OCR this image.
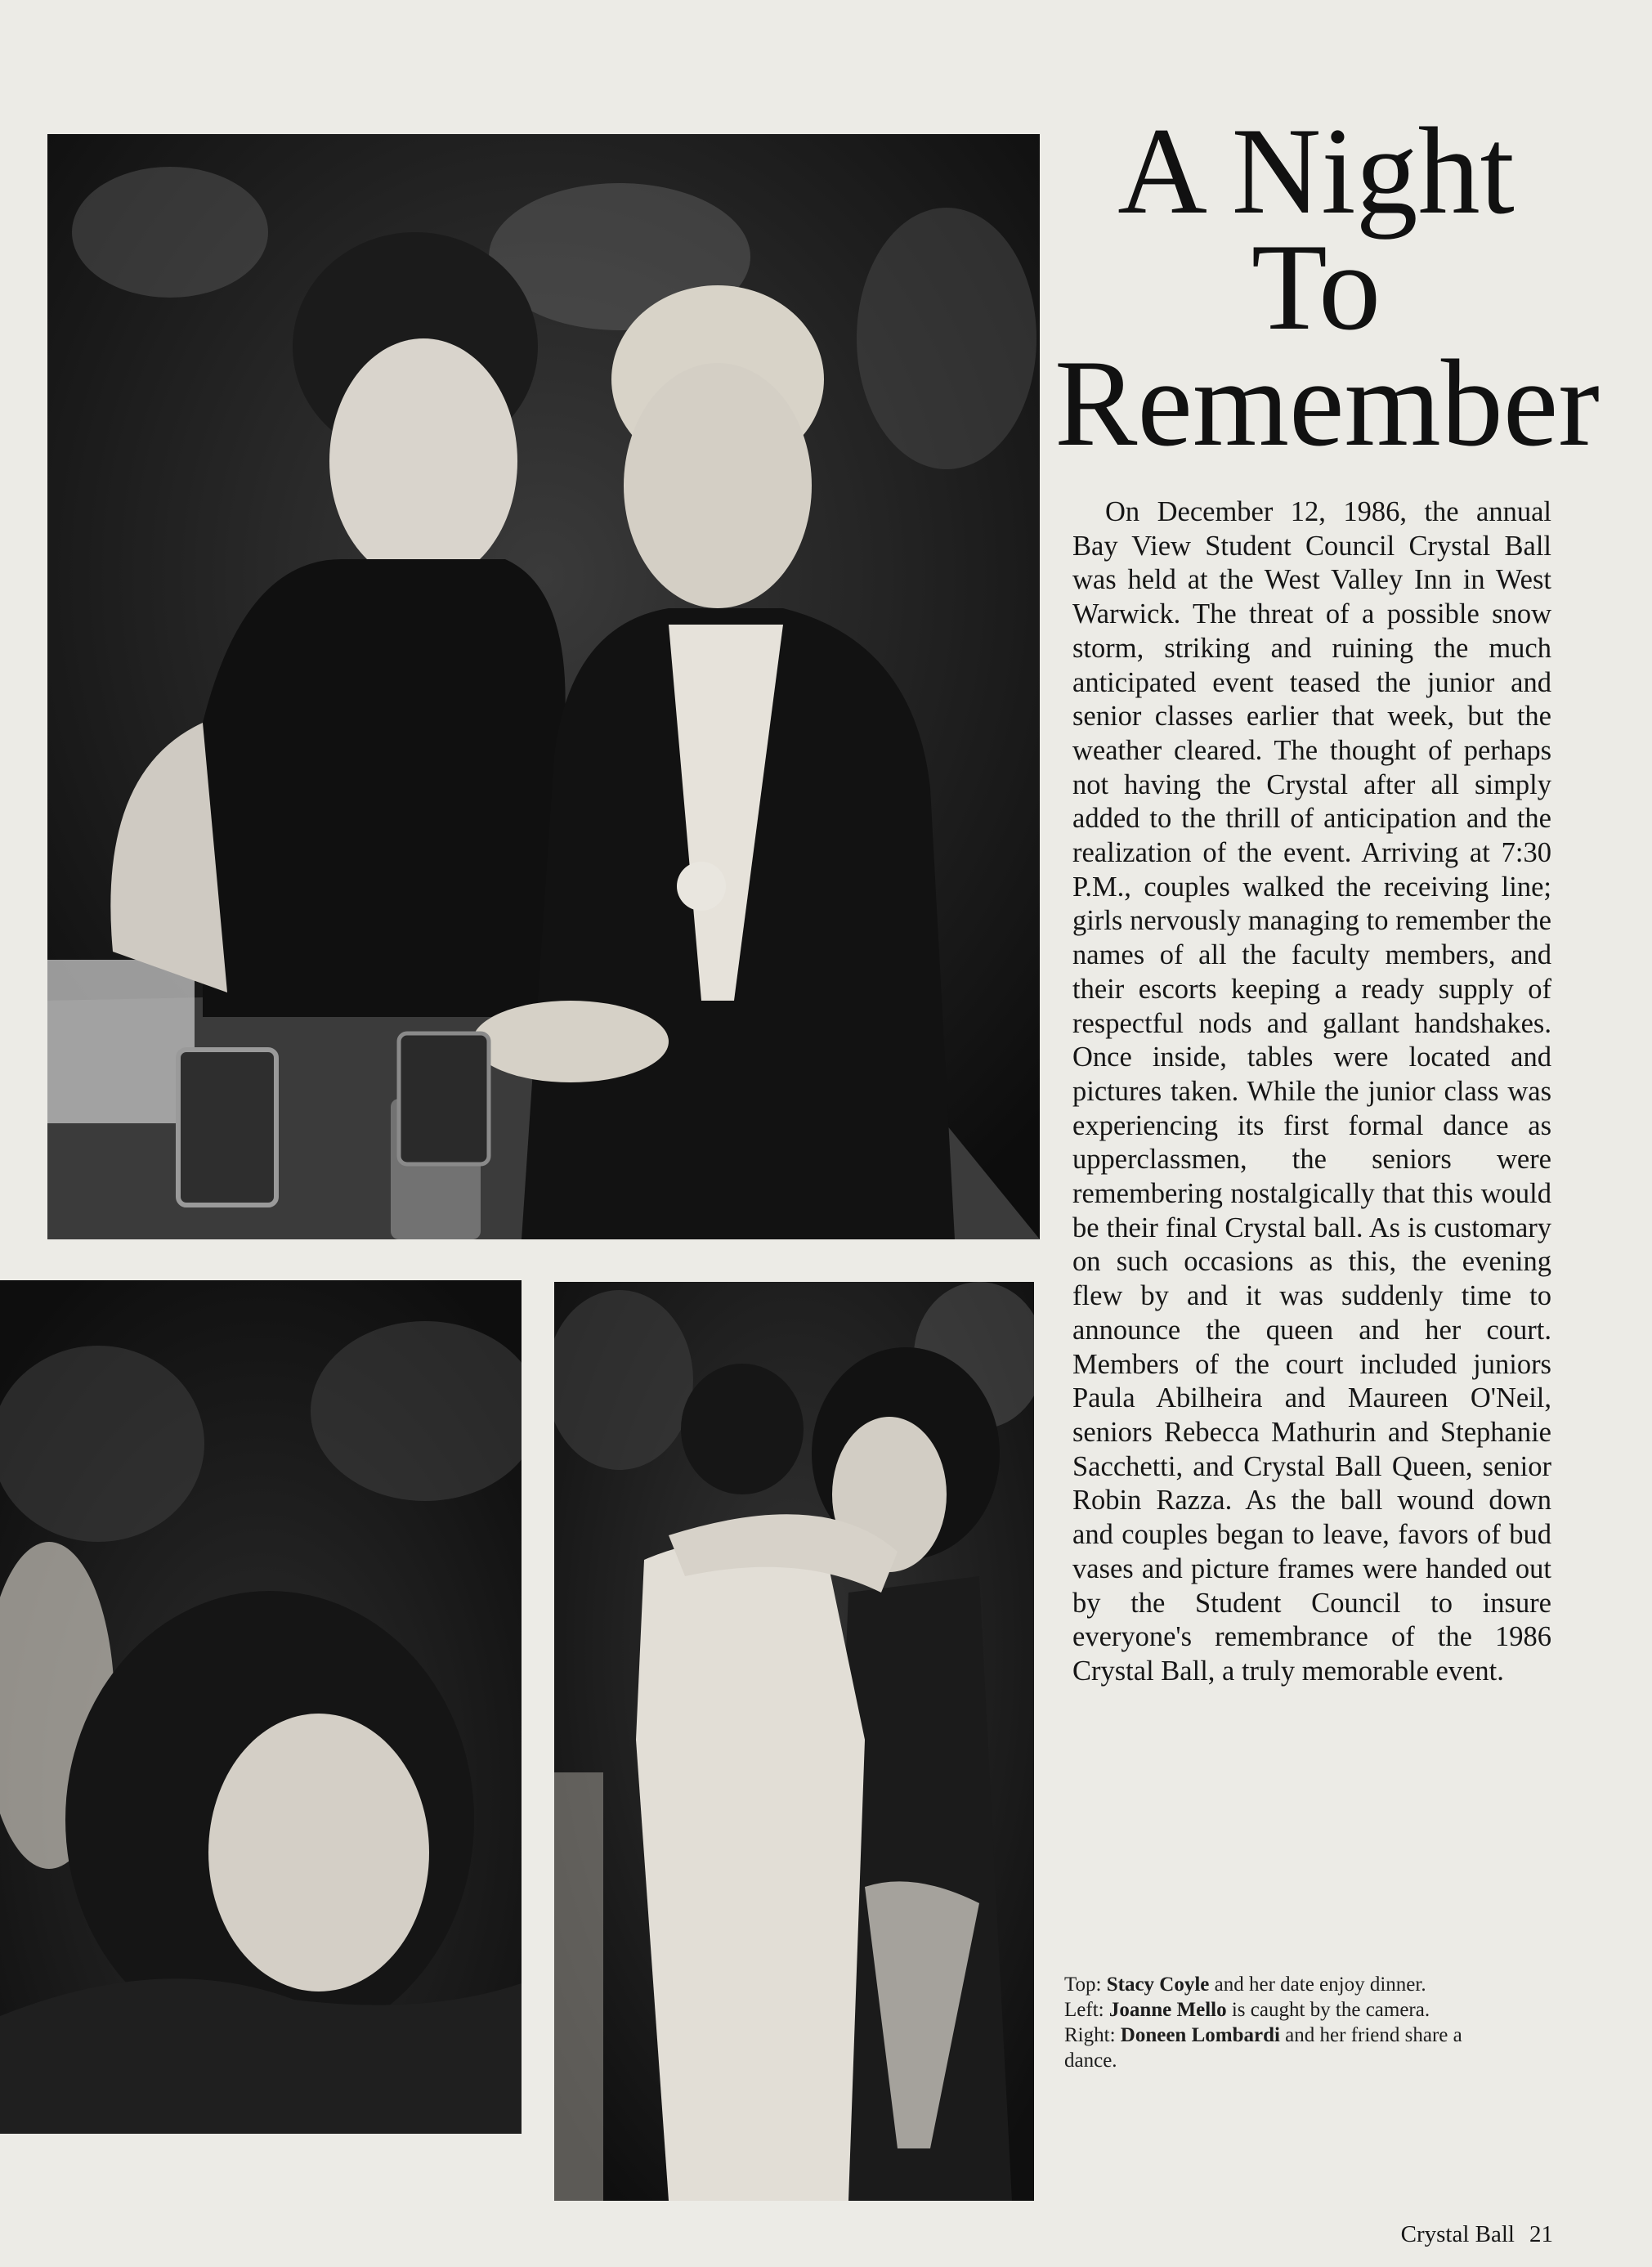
A Night
To
Remember

On December 12, 1986, the annual Bay View Student Council Crystal Ball was held at the West Valley Inn in West Warwick. The threat of a possible snow storm, striking and ruining the much anticipated event teased the junior and senior classes earlier that week, but the weather cleared. The thought of perhaps not having the Crystal after all simply added to the thrill of anticipation and the realization of the event. Arriving at 7:30 P.M., couples walked the receiving line; girls nervously managing to remember the names of all the faculty members, and their escorts keeping a ready supply of respectful nods and gallant handshakes. Once inside, tables were located and pictures taken. While the junior class was experiencing its first formal dance as upperclassmen, the seniors were remembering nostalgically that this would be their final Crystal ball. As is customary on such occasions as this, the evening flew by and it was suddenly time to announce the queen and her court. Members of the court included juniors Paula Abilheira and Maureen O'Neil, seniors Rebecca Mathurin and Stephanie Sacchetti, and Crystal Ball Queen, senior Robin Razza. As the ball wound down and couples began to leave, favors of bud vases and picture frames were handed out by the Student Council to insure everyone's remembrance of the 1986 Crystal Ball, a truly memorable event.

Top: Stacy Coyle and her date enjoy dinner.

Left: Joanne Mello is caught by the camera.

Right: Doneen Lombardi and her friend share a dance.

Crystal Ball 21
